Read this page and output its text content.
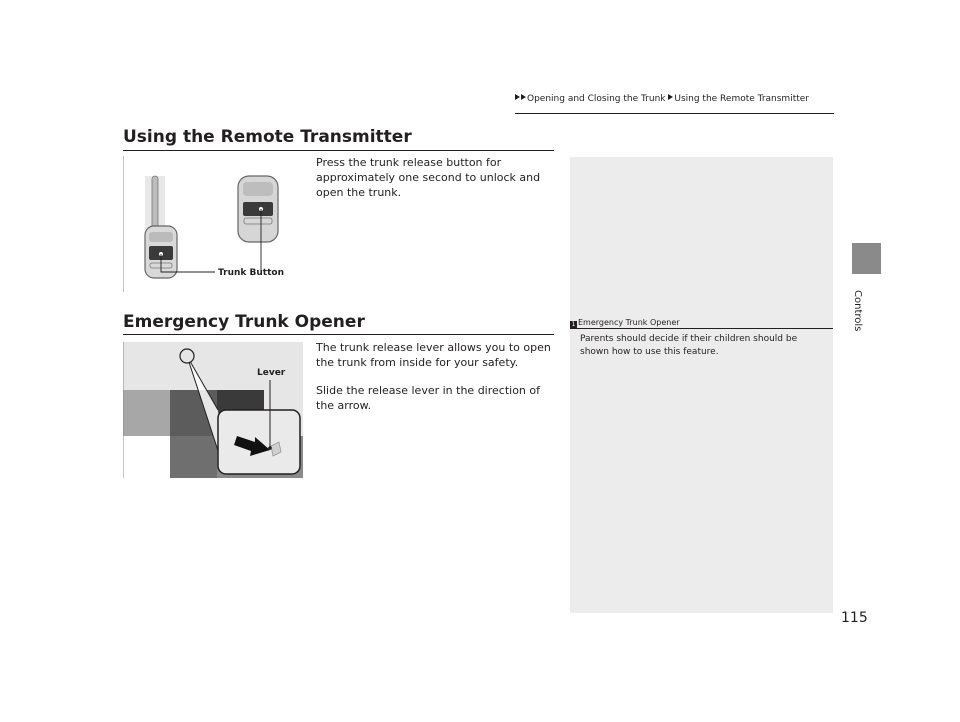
Opening and Closing the Trunk Using the Remote Transmitter
Using the Remote Transmitter
Trunk Button

Press the trunk release button for approximately one second to unlock and open the trunk.

Emergency Trunk Opener
Lever

The trunk release lever allows you to open the trunk from inside for your safety.

Slide the release lever in the direction of the arrow.

1 Emergency Trunk Opener
Parents should decide if their children should be shown how to use this feature.
Controls
115
